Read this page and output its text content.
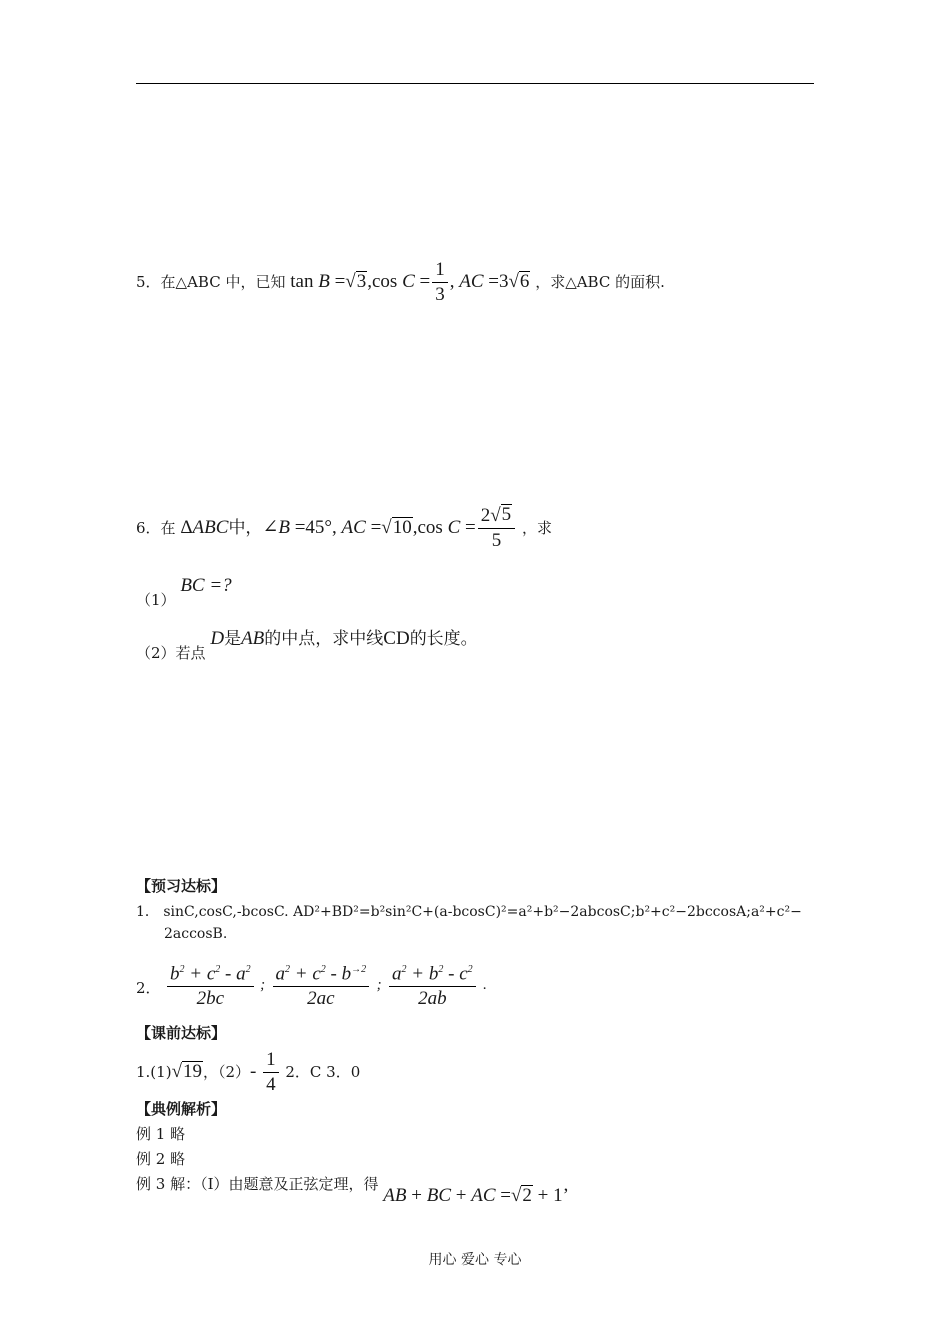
5．在△ABC 中，已知 tan B = √ 3 ,cos $C = \frac{1}{3}$ , AC =3 √ 6 ，求△ABC 的面积.
6．在 ΔABC中，∠B =45°, AC = √ 10 ,cos $C = \frac{2 √ 5}{5}$ ，求
（1） BC =?
（2）若点 D是AB的中点，求中线CD的长度。
【预习达标】
1． sinC,cosC,-bcosC. AD²+BD²=b²sin²C+(a-bcosC)²=a²+b²−2abcosC;b²+c²−2bccosA;a²+c²−
2accosB.
2． $\frac{b^2 + c^2 - a^2}{2bc}$ ; $\frac{a^2 + c^2 - b^{\to 2}}{2ac}$ ; $\frac{a^2 + b^2 - c^2}{2ab}$ .
【课前达标】
1.(1) √ 19 ，$(2)- \frac{1}{4} 2$．C 3．0
【典例解析】
例 1 略
例 2 略
例 3 解：（I）由题意及正弦定理，得 AB + BC + AC = √ 2 + 1’
用心 爱心 专心
